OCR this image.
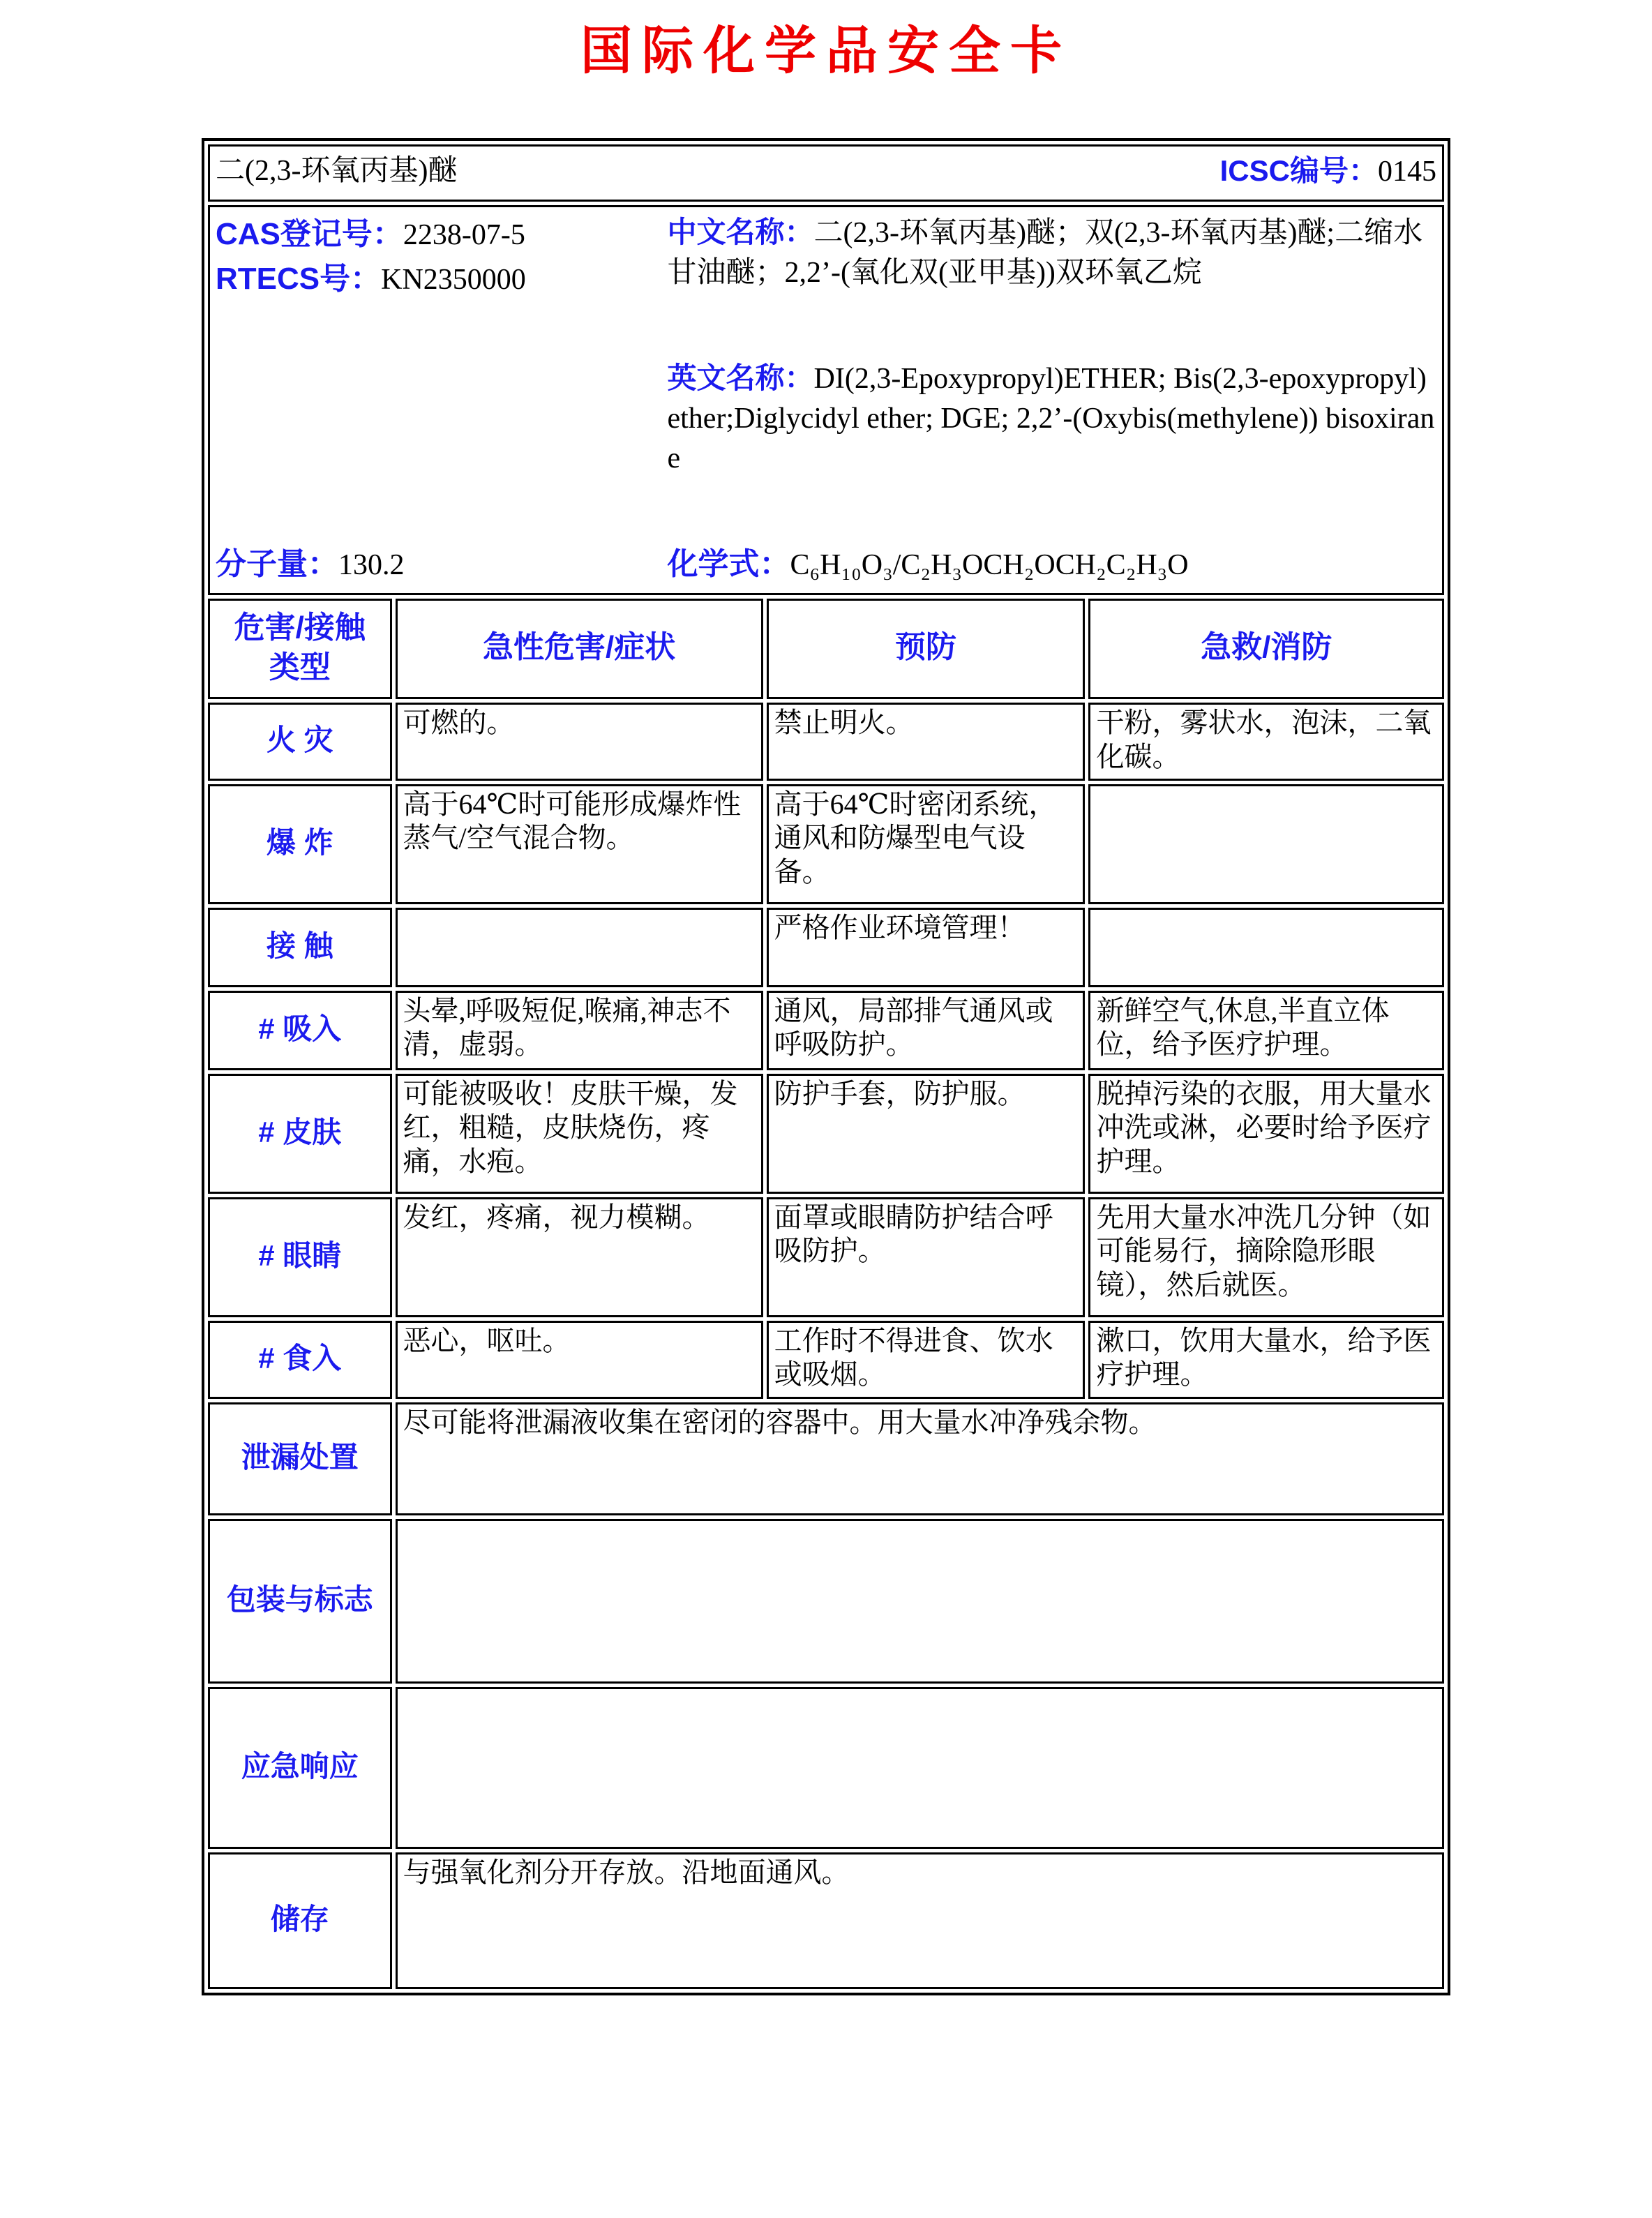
国际化学品安全卡
二(2,3-环氧丙基)醚 ICSC编号：0145			

CAS登记号：2238-07-5
RTECS号：KN2350000
分子量：130.2

中文名称：二(2,3-环氧丙基)醚；双(2,3-环氧丙基)醚;二缩水甘油醚；2,2’-(氧化双(亚甲基))双环氧乙烷

英文名称：DI(2,3-Epoxypropyl)ETHER; Bis(2,3-epoxypropyl)ether;Diglycidyl ether; DGE; 2,2’-(Oxybis(methylene)) bisoxirane

化学式：C₆H₁₀O₃/C₂H₃OCH₂OCH₂C₂H₃O

危害/接触
类型	急性危害/症状	预防	急救/消防
火 灾	可燃的。	禁止明火。	干粉，雾状水，泡沫，二氧化碳。
爆 炸	高于64℃时可能形成爆炸性蒸气/空气混合物。	高于64℃时密闭系统，通风和防爆型电气设备。	
接 触		严格作业环境管理！	
# 吸入	头晕,呼吸短促,喉痛,神志不清，虚弱。	通风，局部排气通风或呼吸防护。	新鲜空气,休息,半直立体位，给予医疗护理。
# 皮肤	可能被吸收！皮肤干燥，发红，粗糙，皮肤烧伤，疼痛，水疱。	防护手套，防护服。	脱掉污染的衣服，用大量水冲洗或淋，必要时给予医疗护理。
# 眼睛	发红，疼痛，视力模糊。	面罩或眼睛防护结合呼吸防护。	先用大量水冲洗几分钟（如可能易行，摘除隐形眼镜），然后就医。
# 食入	恶心，呕吐。	工作时不得进食、饮水或吸烟。	漱口，饮用大量水，给予医疗护理。
泄漏处置	尽可能将泄漏液收集在密闭的容器中。用大量水冲净残余物。		
包装与标志			
应急响应			
储存	与强氧化剂分开存放。沿地面通风。		
